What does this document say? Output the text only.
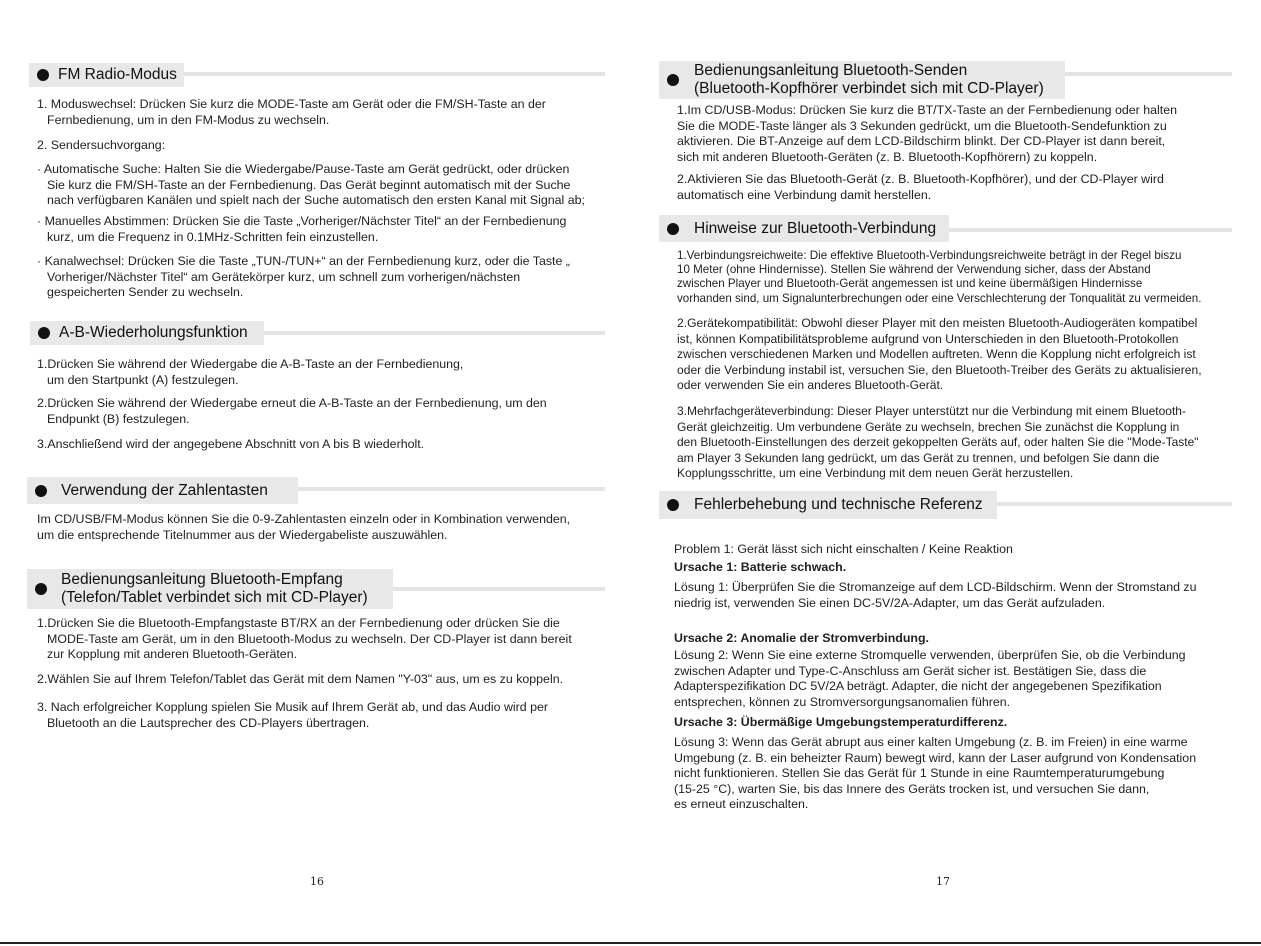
FM Radio-Modus
1. Moduswechsel: Drücken Sie kurz die MODE-Taste am Gerät oder die FM/SH-Taste an der
Fernbedienung, um in den FM-Modus zu wechseln.
2. Sendersuchvorgang:
· Automatische Suche: Halten Sie die Wiedergabe/Pause-Taste am Gerät gedrückt, oder drücken
Sie kurz die FM/SH-Taste an der Fernbedienung. Das Gerät beginnt automatisch mit der Suche
nach verfügbaren Kanälen und spielt nach der Suche automatisch den ersten Kanal mit Signal ab;
· Manuelles Abstimmen: Drücken Sie die Taste „Vorheriger/Nächster Titel“ an der Fernbedienung
kurz, um die Frequenz in 0.1MHz-Schritten fein einzustellen.
· Kanalwechsel: Drücken Sie die Taste „TUN-/TUN+“ an der Fernbedienung kurz, oder die Taste „
Vorheriger/Nächster Titel“ am Gerätekörper kurz, um schnell zum vorherigen/nächsten
gespeicherten Sender zu wechseln.
A-B-Wiederholungsfunktion
1.Drücken Sie während der Wiedergabe die A-B-Taste an der Fernbedienung,
um den Startpunkt (A) festzulegen.
2.Drücken Sie während der Wiedergabe erneut die A-B-Taste an der Fernbedienung, um den
Endpunkt (B) festzulegen.
3.Anschließend wird der angegebene Abschnitt von A bis B wiederholt.
Verwendung der Zahlentasten
Im CD/USB/FM-Modus können Sie die 0-9-Zahlentasten einzeln oder in Kombination verwenden,
um die entsprechende Titelnummer aus der Wiedergabeliste auszuwählen.
Bedienungsanleitung Bluetooth-Empfang
(Telefon/Tablet verbindet sich mit CD-Player)
1.Drücken Sie die Bluetooth-Empfangstaste BT/RX an der Fernbedienung oder drücken Sie die
MODE-Taste am Gerät, um in den Bluetooth-Modus zu wechseln. Der CD-Player ist dann bereit
zur Kopplung mit anderen Bluetooth-Geräten.
2.Wählen Sie auf Ihrem Telefon/Tablet das Gerät mit dem Namen "Y-03" aus, um es zu koppeln.
3. Nach erfolgreicher Kopplung spielen Sie Musik auf Ihrem Gerät ab, und das Audio wird per
Bluetooth an die Lautsprecher des CD-Players übertragen.
16
Bedienungsanleitung Bluetooth-Senden
(Bluetooth-Kopfhörer verbindet sich mit CD-Player)
1.Im CD/USB-Modus: Drücken Sie kurz die BT/TX-Taste an der Fernbedienung oder halten
Sie die MODE-Taste länger als 3 Sekunden gedrückt, um die Bluetooth-Sendefunktion zu
aktivieren. Die BT-Anzeige auf dem LCD-Bildschirm blinkt. Der CD-Player ist dann bereit,
sich mit anderen Bluetooth-Geräten (z. B. Bluetooth-Kopfhörern) zu koppeln.
2.Aktivieren Sie das Bluetooth-Gerät (z. B. Bluetooth-Kopfhörer), und der CD-Player wird
automatisch eine Verbindung damit herstellen.
Hinweise zur Bluetooth-Verbindung
1.Verbindungsreichweite: Die effektive Bluetooth-Verbindungsreichweite beträgt in der Regel biszu
10 Meter (ohne Hindernisse). Stellen Sie während der Verwendung sicher, dass der Abstand
zwischen Player und Bluetooth-Gerät angemessen ist und keine übermäßigen Hindernisse
vorhanden sind, um Signalunterbrechungen oder eine Verschlechterung der Tonqualität zu vermeiden.
2.Gerätekompatibilität: Obwohl dieser Player mit den meisten Bluetooth-Audiogeräten kompatibel
ist, können Kompatibilitätsprobleme aufgrund von Unterschieden in den Bluetooth-Protokollen
zwischen verschiedenen Marken und Modellen auftreten. Wenn die Kopplung nicht erfolgreich ist
oder die Verbindung instabil ist, versuchen Sie, den Bluetooth-Treiber des Geräts zu aktualisieren,
oder verwenden Sie ein anderes Bluetooth-Gerät.
3.Mehrfachgeräteverbindung: Dieser Player unterstützt nur die Verbindung mit einem Bluetooth-
Gerät gleichzeitig. Um verbundene Geräte zu wechseln, brechen Sie zunächst die Kopplung in
den Bluetooth-Einstellungen des derzeit gekoppelten Geräts auf, oder halten Sie die "Mode-Taste"
am Player 3 Sekunden lang gedrückt, um das Gerät zu trennen, und befolgen Sie dann die
Kopplungsschritte, um eine Verbindung mit dem neuen Gerät herzustellen.
Fehlerbehebung und technische Referenz
Problem 1: Gerät lässt sich nicht einschalten / Keine Reaktion
Ursache 1: Batterie schwach.
Lösung 1: Überprüfen Sie die Stromanzeige auf dem LCD-Bildschirm. Wenn der Stromstand zu
niedrig ist, verwenden Sie einen DC-5V/2A-Adapter, um das Gerät aufzuladen.
Ursache 2: Anomalie der Stromverbindung.
Lösung 2: Wenn Sie eine externe Stromquelle verwenden, überprüfen Sie, ob die Verbindung
zwischen Adapter und Type-C-Anschluss am Gerät sicher ist. Bestätigen Sie, dass die
Adapterspezifikation DC 5V/2A beträgt. Adapter, die nicht der angegebenen Spezifikation
entsprechen, können zu Stromversorgungsanomalien führen.
Ursache 3: Übermäßige Umgebungstemperaturdifferenz.
Lösung 3: Wenn das Gerät abrupt aus einer kalten Umgebung (z. B. im Freien) in eine warme
Umgebung (z. B. ein beheizter Raum) bewegt wird, kann der Laser aufgrund von Kondensation
nicht funktionieren. Stellen Sie das Gerät für 1 Stunde in eine Raumtemperaturumgebung
(15-25 °C), warten Sie, bis das Innere des Geräts trocken ist, und versuchen Sie dann,
es erneut einzuschalten.
17
